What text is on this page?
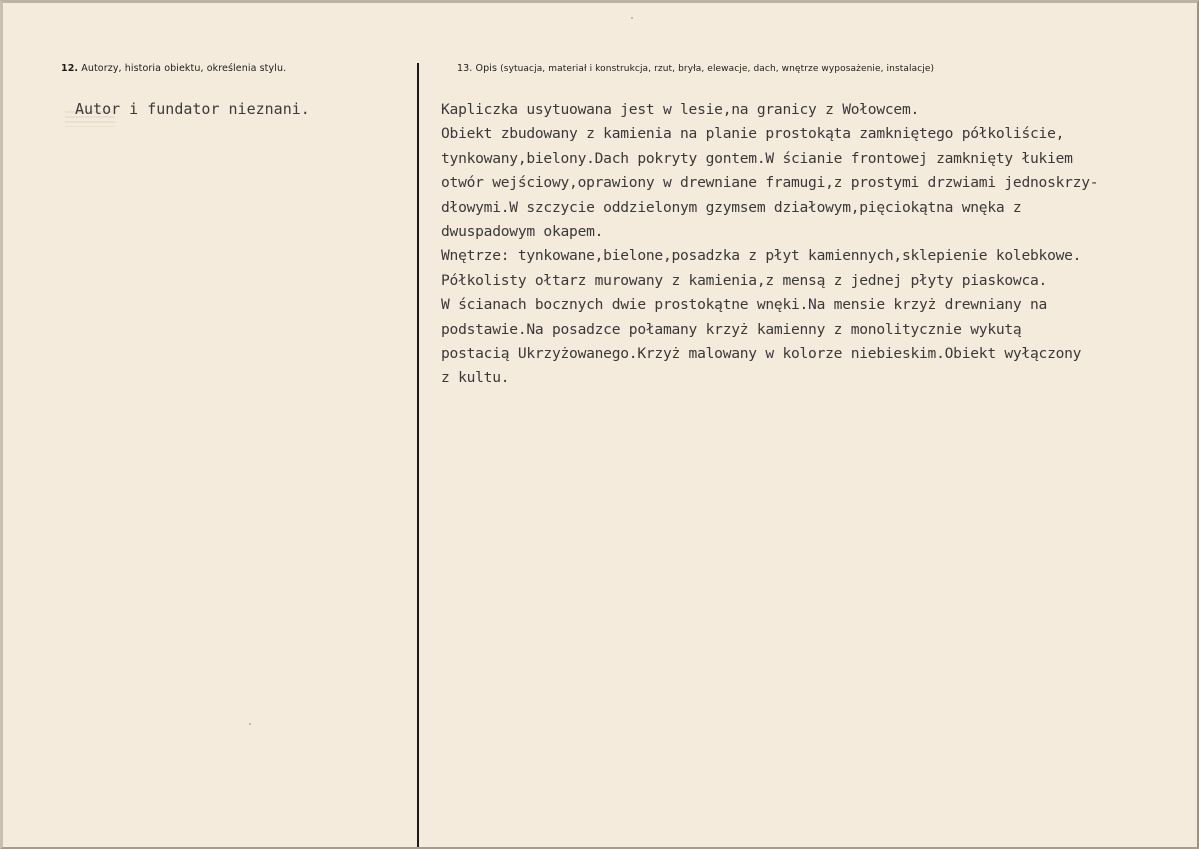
12. Autorzy, historia obiektu, określenia stylu.
Autor i fundator nieznani.
13. Opis (sytuacja, materiał i konstrukcja, rzut, bryła, elewacje, dach, wnętrze wyposażenie, instalacje)
Kapliczka usytuowana jest w lesie,na granicy z Wołowcem.
Obiekt zbudowany z kamienia na planie prostokąta zamkniętego półkoliście,
tynkowany,bielony.Dach pokryty gontem.W ścianie frontowej zamknięty łukiem
otwór wejściowy,oprawiony w drewniane framugi,z prostymi drzwiami jednoskrzy-
dłowymi.W szczycie oddzielonym gzymsem działowym,pięciokątna wnęka z
dwuspadowym okapem.
Wnętrze: tynkowane,bielone,posadzka z płyt kamiennych,sklepienie kolebkowe.
Półkolisty ołtarz murowany z kamienia,z mensą z jednej płyty piaskowca.
W ścianach bocznych dwie prostokątne wnęki.Na mensie krzyż drewniany na
podstawie.Na posadzce połamany krzyż kamienny z monolitycznie wykutą
postacią Ukrzyżowanego.Krzyż malowany w kolorze niebieskim.Obiekt wyłączony
z kultu.
